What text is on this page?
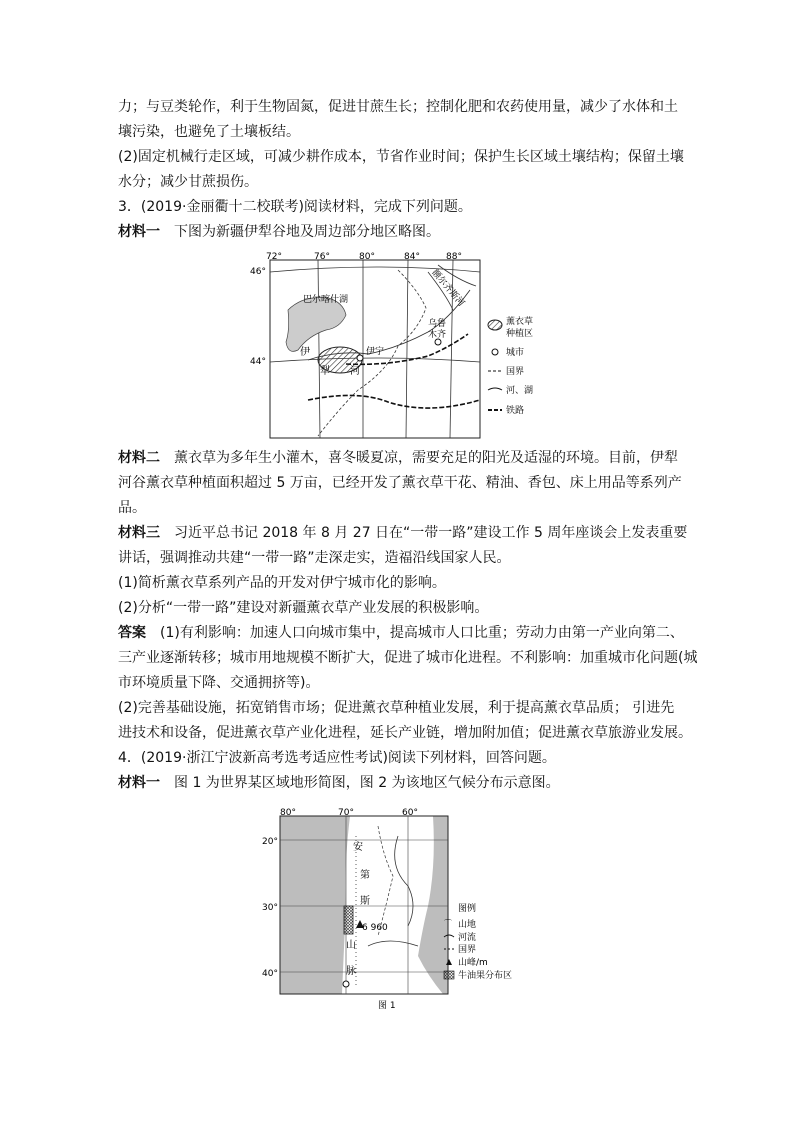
力；与豆类轮作，利于生物固氮，促进甘蔗生长；控制化肥和农药使用量，减少了水体和土
壤污染，也避免了土壤板结。
(2)固定机械行走区域，可减少耕作成本，节省作业时间；保护生长区域土壤结构；保留土壤
水分；减少甘蔗损伤。
3．(2019·金丽衢十二校联考)阅读材料，完成下列问题。
材料一 下图为新疆伊犁谷地及周边部分地区略图。
72°	76°	80°	84°	88°
46°
44°
巴尔喀什湖
伊
犁 河
伊宁
乌鲁
木齐
额尔齐斯河
薰衣草
种植区
城市
国界
河、湖
铁路
材料二 薰衣草为多年生小灌木，喜冬暖夏凉，需要充足的阳光及适湿的环境。目前，伊犁
河谷薰衣草种植面积超过 5 万亩，已经开发了薰衣草干花、精油、香包、床上用品等系列产
品。
材料三 习近平总书记 2018 年 8 月 27 日在“一带一路”建设工作 5 周年座谈会上发表重要
讲话，强调推动共建“一带一路”走深走实，造福沿线国家人民。
(1)简析薰衣草系列产品的开发对伊宁城市化的影响。
(2)分析“一带一路”建设对新疆薰衣草产业发展的积极影响。
答案 (1)有利影响：加速人口向城市集中，提高城市人口比重；劳动力由第一产业向第二、
三产业逐渐转移；城市用地规模不断扩大，促进了城市化进程。不利影响：加重城市化问题(城
市环境质量下降、交通拥挤等)。
(2)完善基础设施，拓宽销售市场；促进薰衣草种植业发展，利于提高薰衣草品质； 引进先
进技术和设备，促进薰衣草产业化进程，延长产业链，增加附加值；促进薰衣草旅游业发展。
4．(2019·浙江宁波新高考选考适应性考试)阅读下列材料，回答问题。
材料一 图 1 为世界某区域地形简图，图 2 为该地区气候分布示意图。
80°	70°	60°
20°
30°
40°
6 960
安
第
斯
山
脉
图例
⌒ 山地
河流
国界
山峰/m
牛油果分布区
图 1
